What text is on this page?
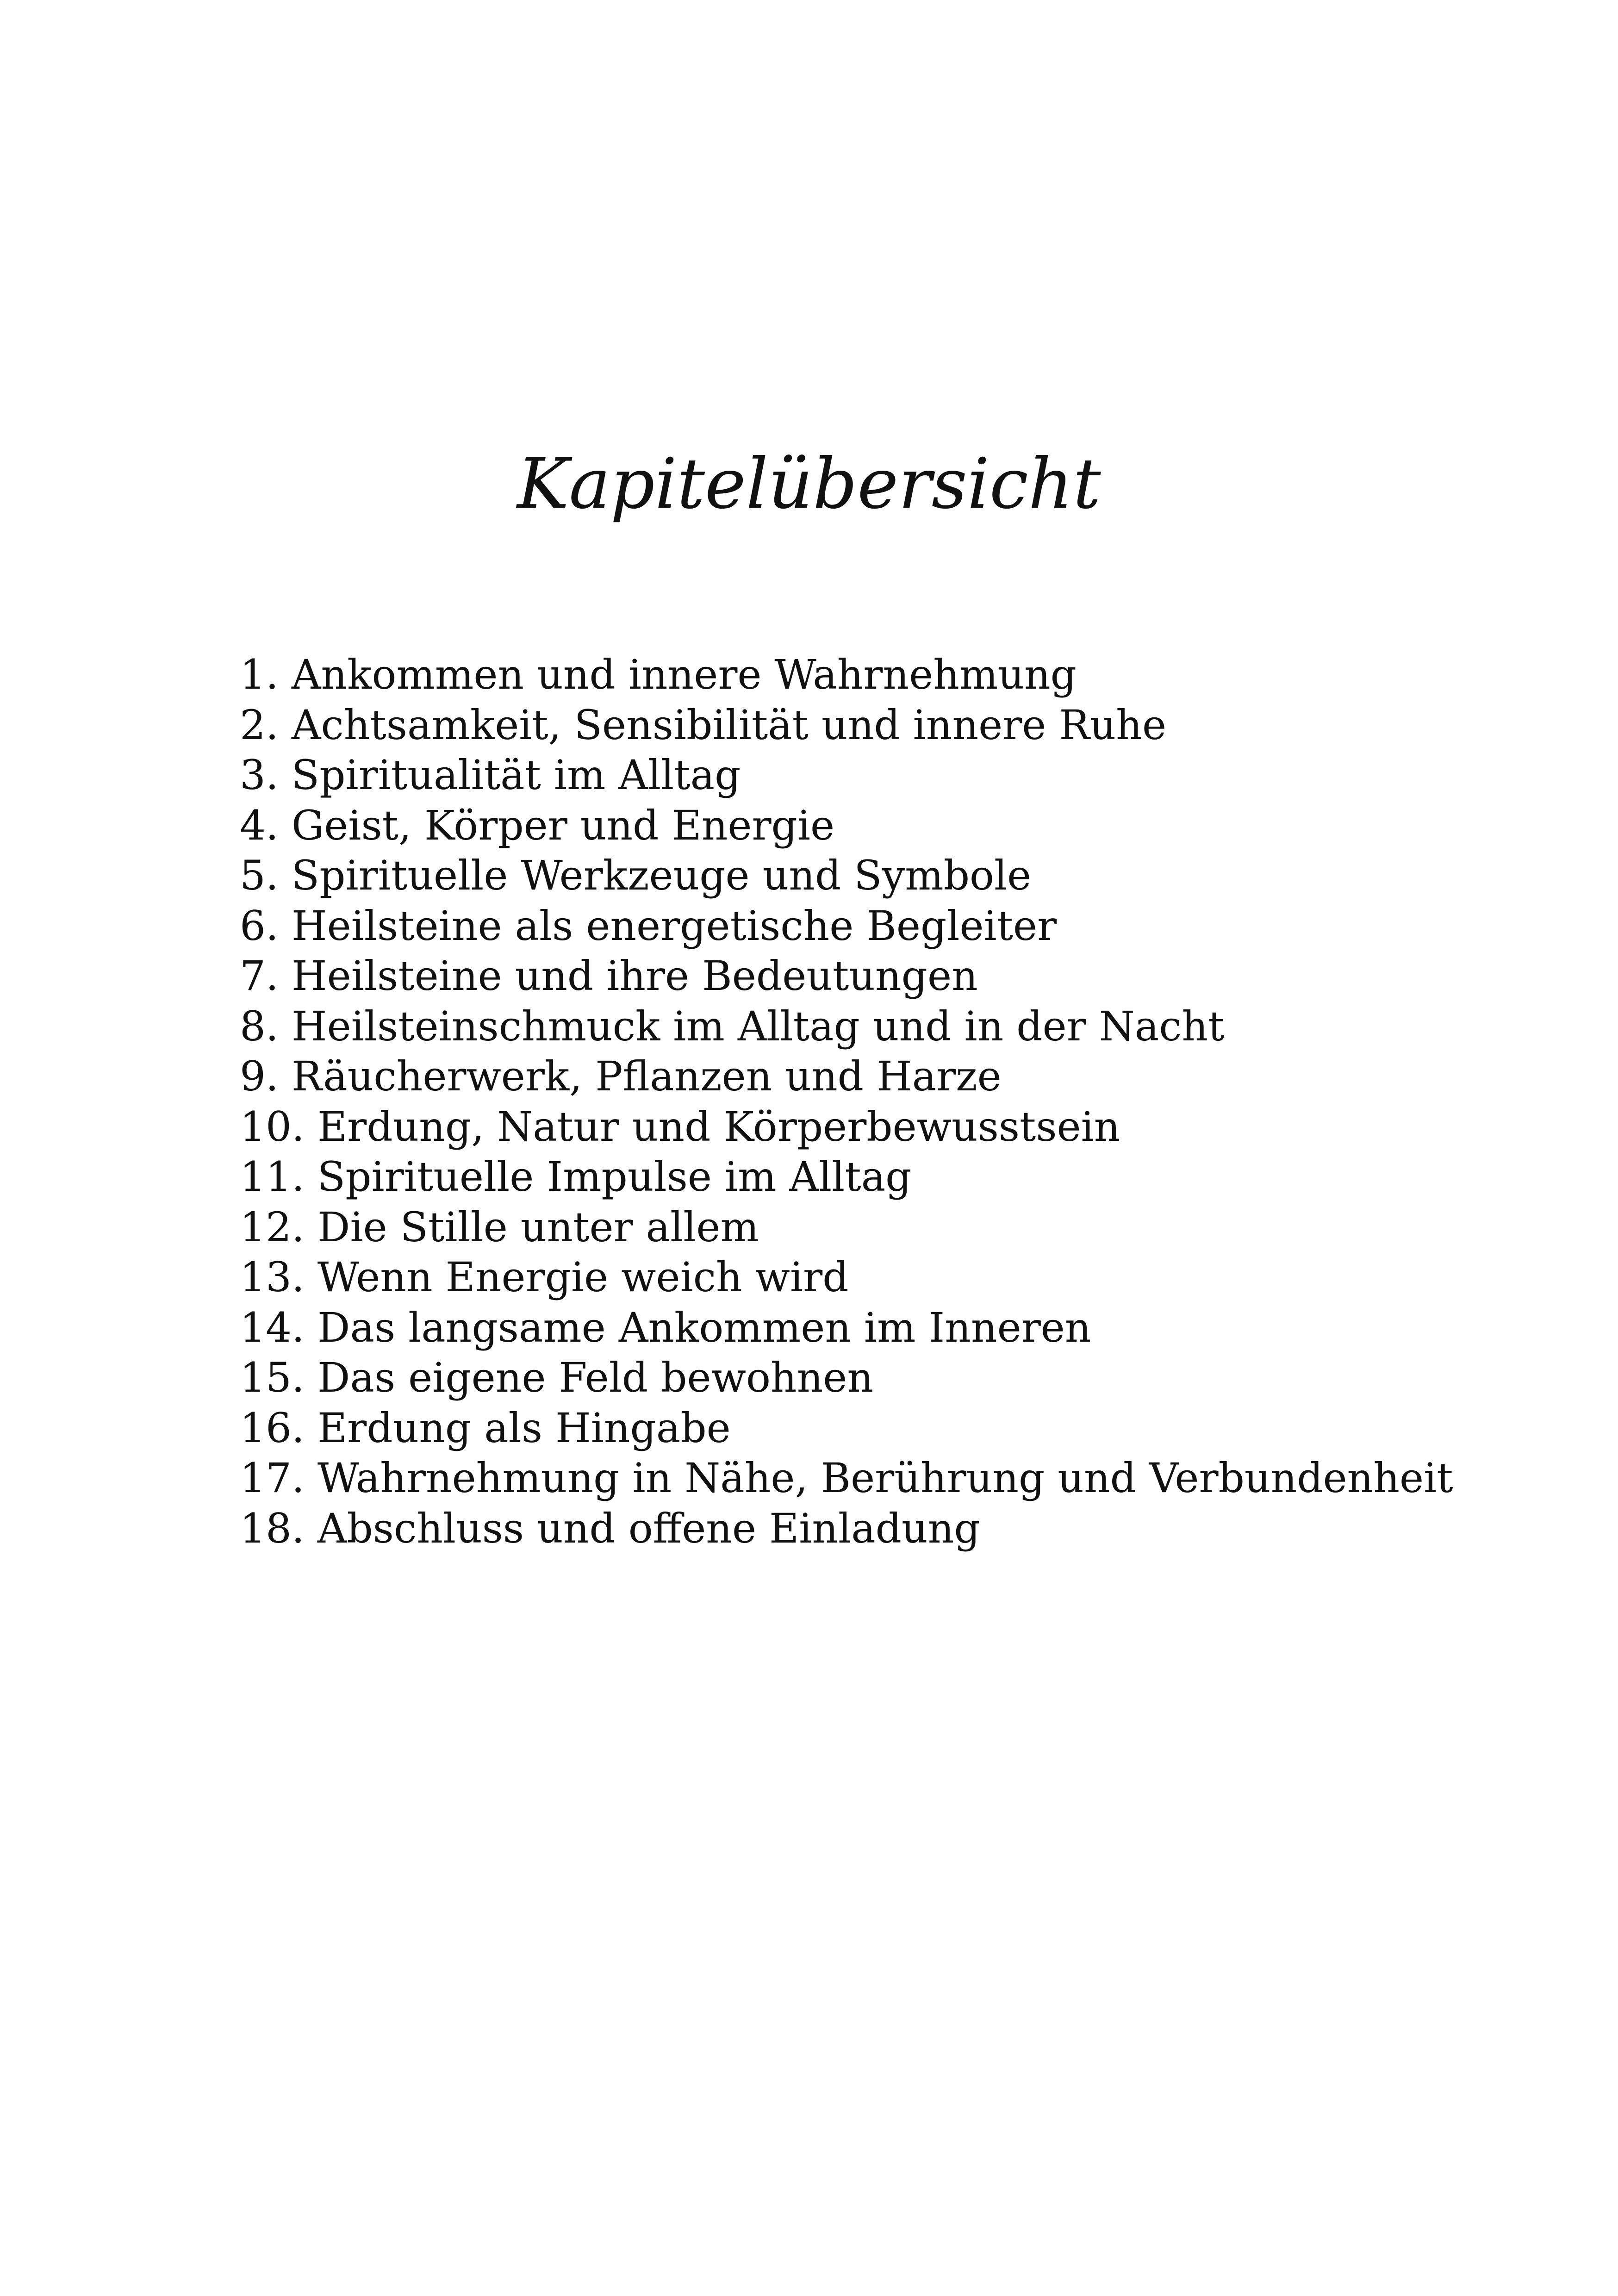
Kapitelübersicht
1. Ankommen und innere Wahrnehmung
2. Achtsamkeit, Sensibilität und innere Ruhe
3. Spiritualität im Alltag
4. Geist, Körper und Energie
5. Spirituelle Werkzeuge und Symbole
6. Heilsteine als energetische Begleiter
7. Heilsteine und ihre Bedeutungen
8. Heilsteinschmuck im Alltag und in der Nacht
9. Räucherwerk, Pflanzen und Harze
10. Erdung, Natur und Körperbewusstsein
11. Spirituelle Impulse im Alltag
12. Die Stille unter allem
13. Wenn Energie weich wird
14. Das langsame Ankommen im Inneren
15. Das eigene Feld bewohnen
16. Erdung als Hingabe
17. Wahrnehmung in Nähe, Berührung und Verbundenheit
18. Abschluss und offene Einladung
